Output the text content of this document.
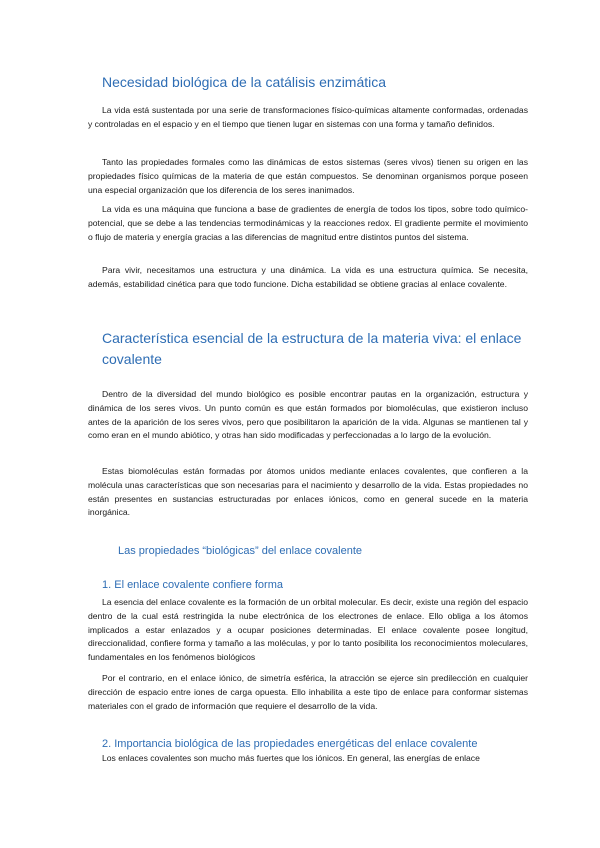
Necesidad biológica de la catálisis enzimática

La vida está sustentada por una serie de transformaciones físico-químicas altamente conformadas, ordenadas y controladas en el espacio y en el tiempo que tienen lugar en sistemas con una forma y tamaño definidos.

Tanto las propiedades formales como las dinámicas de estos sistemas (seres vivos) tienen su origen en las propiedades físico químicas de la materia de que están compuestos. Se denominan organismos porque poseen una especial organización que los diferencia de los seres inanimados.

La vida es una máquina que funciona a base de gradientes de energía de todos los tipos, sobre todo químico-potencial, que se debe a las tendencias termodinámicas y la reacciones redox. El gradiente permite el movimiento o flujo de materia y energía gracias a las diferencias de magnitud entre distintos puntos del sistema.

Para vivir, necesitamos una estructura y una dinámica. La vida es una estructura química. Se necesita, además, estabilidad cinética para que todo funcione. Dicha estabilidad se obtiene gracias al enlace covalente.

Característica esencial de la estructura de la materia viva: el enlace covalente

Dentro de la diversidad del mundo biológico es posible encontrar pautas en la organización, estructura y dinámica de los seres vivos. Un punto común es que están formados por biomoléculas, que existieron incluso antes de la aparición de los seres vivos, pero que posibilitaron la aparición de la vida. Algunas se mantienen tal y como eran en el mundo abiótico, y otras han sido modificadas y perfeccionadas a lo largo de la evolución.

Estas biomoléculas están formadas por átomos unidos mediante enlaces covalentes, que confieren a la molécula unas características que son necesarias para el nacimiento y desarrollo de la vida. Estas propiedades no están presentes en sustancias estructuradas por enlaces iónicos, como en general sucede en la materia inorgánica.

Las propiedades “biológicas” del enlace covalente
1. El enlace covalente confiere forma

La esencia del enlace covalente es la formación de un orbital molecular. Es decir, existe una región del espacio dentro de la cual está restringida la nube electrónica de los electrones de enlace. Ello obliga a los átomos implicados a estar enlazados y a ocupar posiciones determinadas. El enlace covalente posee longitud, direccionalidad, confiere forma y tamaño a las moléculas, y por lo tanto posibilita los reconocimientos moleculares, fundamentales en los fenómenos biológicos

Por el contrario, en el enlace iónico, de simetría esférica, la atracción se ejerce sin predilección en cualquier dirección de espacio entre iones de carga opuesta. Ello inhabilita a este tipo de enlace para conformar sistemas materiales con el grado de información que requiere el desarrollo de la vida.

2. Importancia biológica de las propiedades energéticas del enlace covalente

Los enlaces covalentes son mucho más fuertes que los iónicos. En general, las energías de enlace
